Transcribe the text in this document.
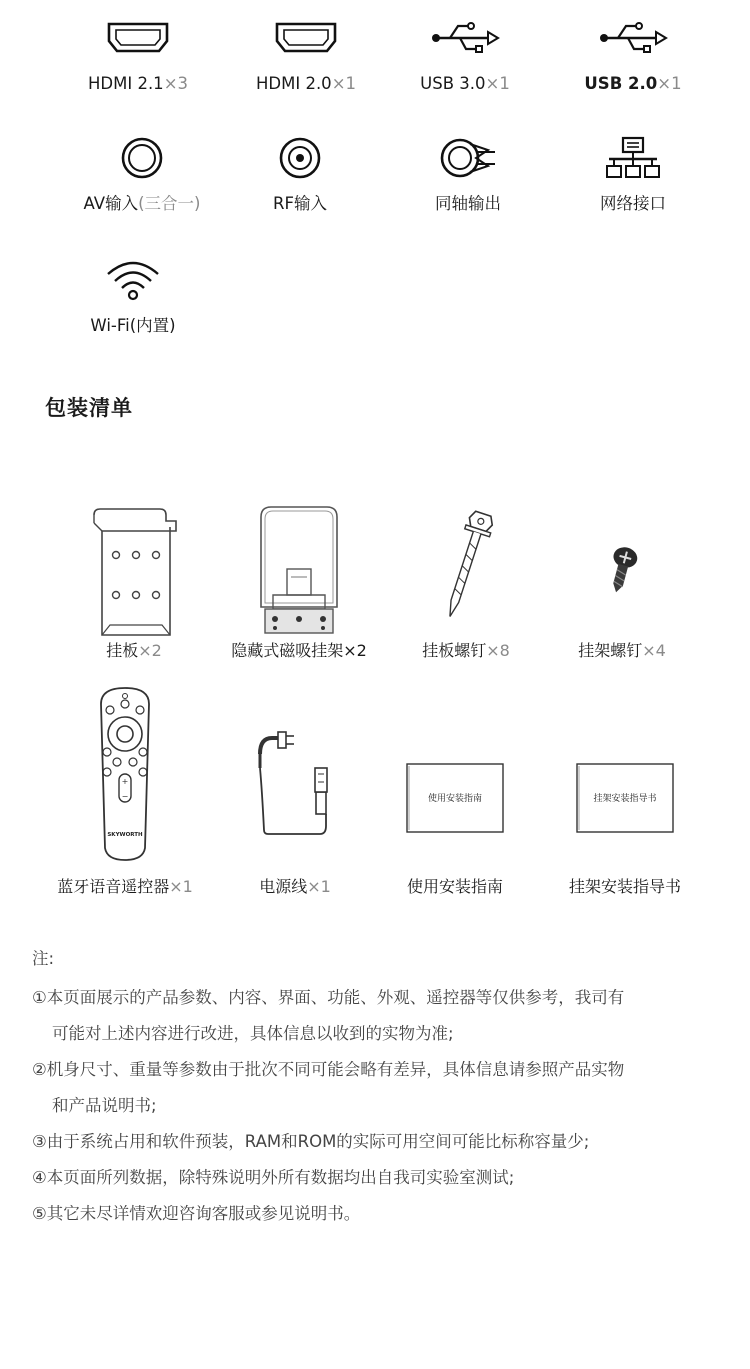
HDMI 2.1×3	HDMI 2.0×1	USB 3.0×1	USB 2.0×1
AV输入(三合一)	RF输入	同轴输出	网络接口
Wi-Fi(内置)
包装清单
挂板×2	隐藏式磁吸挂架×2	挂板螺钉×8	挂架螺钉×4
+
−
SKYWORTH
蓝牙语音遥控器×1	电源线×1
使用安装指南
使用安装指南
挂架安装指导书
挂架安装指导书

注:

①本页面展示的产品参数、内容、界面、功能、外观、遥控器等仅供参考，我司有

可能对上述内容进行改进，具体信息以收到的实物为准;

②机身尺寸、重量等参数由于批次不同可能会略有差异，具体信息请参照产品实物

和产品说明书;

③由于系统占用和软件预装，RAM和ROM的实际可用空间可能比标称容量少;

④本页面所列数据，除特殊说明外所有数据均出自我司实验室测试;

⑤其它未尽详情欢迎咨询客服或参见说明书。
